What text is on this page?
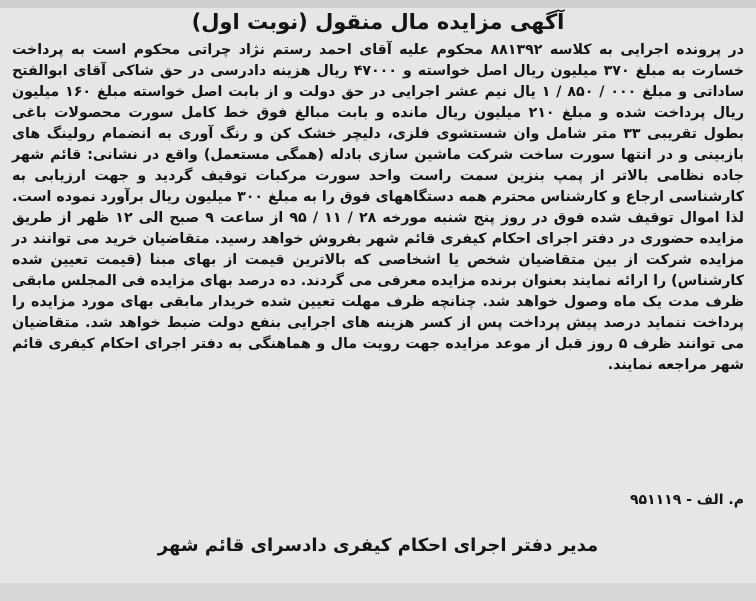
آگهی مزایده مال منقول (نوبت اول)

در پرونده اجرایی به کلاسه ۸۸۱۳۹۲ محکوم علیه آقای احمد رستم نژاد چراتی محکوم است به پرداخت خسارت به مبلغ ۳۷۰ میلیون ریال اصل خواسته و ۴۷۰۰۰ ریال هزینه دادرسی در حق شاکی آقای ابوالفتح ساداتی و مبلغ ۰۰۰ / ۸۵۰ / ۱ یال نیم عشر اجرایی در حق دولت و از بابت اصل خواسته مبلغ ۱۶۰ میلیون ریال پرداخت شده و مبلغ ۲۱۰ میلیون ریال مانده و بابت مبالغ فوق خط کامل سورت محصولات باغی بطول تقریبی ۳۳ متر شامل وان شستشوی فلزی، دلیچر خشک کن و رنگ آوری به انضمام رولینگ های بازبینی و در انتها سورت ساخت شرکت ماشین سازی بادله (همگی مستعمل) واقع در نشانی: قائم شهر جاده نظامی بالاتر از پمپ بنزین سمت راست واحد سورت مرکبات توقیف گردید و جهت ارزیابی به کارشناسی ارجاع و کارشناس محترم همه دستگاههای فوق را به مبلغ ۳۰۰ میلیون ریال برآورد نموده است.

لذا اموال توقیف شده فوق در روز پنج شنبه مورخه ۲۸ / ۱۱ / ۹۵ از ساعت ۹ صبح الی ۱۲ ظهر از طریق مزایده حضوری در دفتر اجرای احکام کیفری قائم شهر بفروش خواهد رسید. متقاضیان خرید می توانند در مزایده شرکت از بین متقاضیان شخص یا اشخاصی که بالاترین قیمت از بهای مبنا (قیمت تعیین شده کارشناس) را ارائه نمایند بعنوان برنده مزایده معرفی می گردند. ده درصد بهای مزایده فی المجلس مابقی ظرف مدت یک ماه وصول خواهد شد. چنانچه ظرف مهلت تعیین شده خریدار مابقی بهای مورد مزایده را پرداخت ننماید درصد پیش پرداخت پس از کسر هزینه های اجرایی بنفع دولت ضبط خواهد شد. متقاضیان می توانند ظرف ۵ روز قبل از موعد مزایده جهت رویت مال و هماهنگی به دفتر اجرای احکام کیفری قائم شهر مراجعه نمایند.

م. الف - ۹۵۱۱۱۹
مدیر دفتر اجرای احکام کیفری دادسرای قائم شهر
